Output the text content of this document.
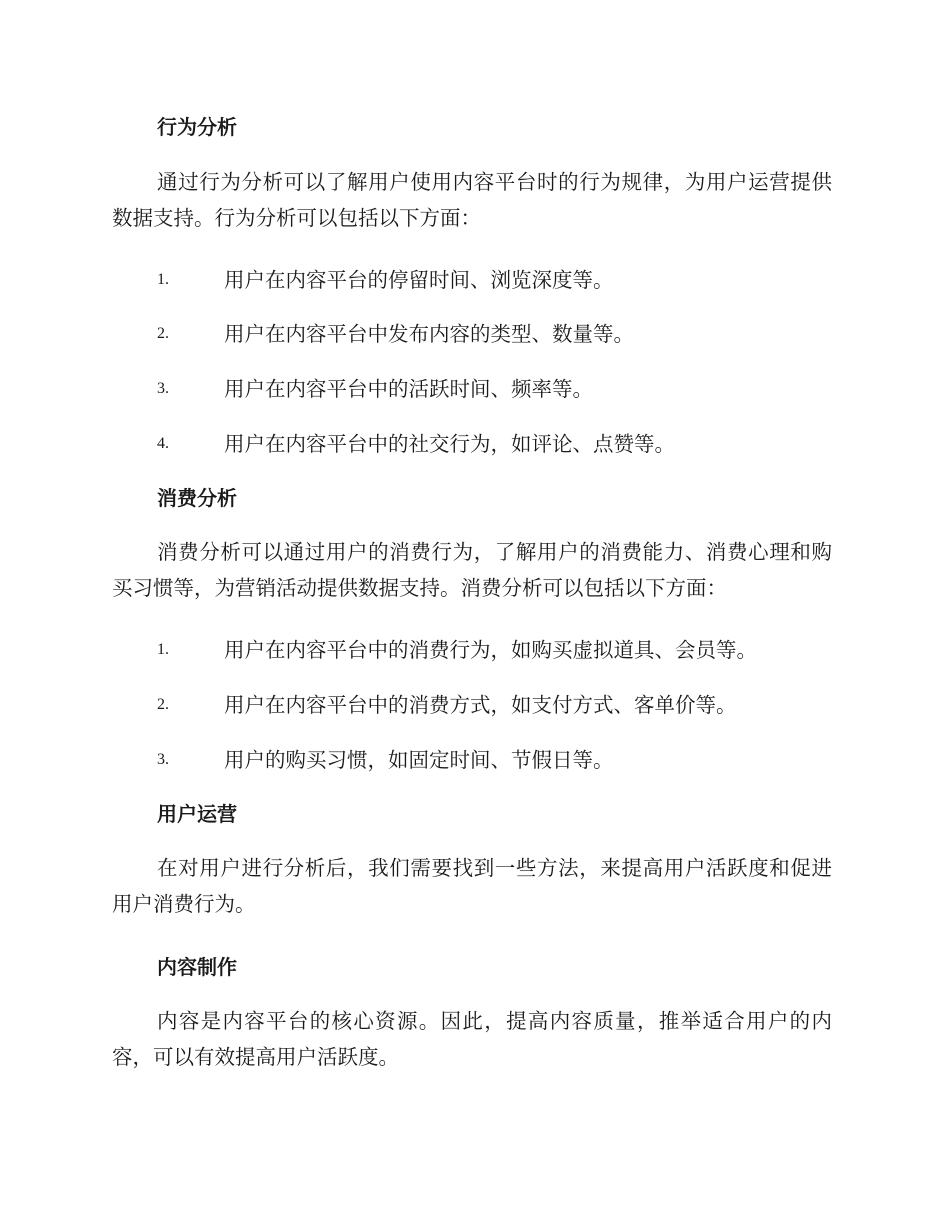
行为分析
通过行为分析可以了解用户使用内容平台时的行为规律，为用户运营提供数据支持。行为分析可以包括以下方面：
1.	用户在内容平台的停留时间、浏览深度等。
2.	用户在内容平台中发布内容的类型、数量等。
3.	用户在内容平台中的活跃时间、频率等。
4.	用户在内容平台中的社交行为，如评论、点赞等。
消费分析
消费分析可以通过用户的消费行为，了解用户的消费能力、消费心理和购买习惯等，为营销活动提供数据支持。消费分析可以包括以下方面：
1.	用户在内容平台中的消费行为，如购买虚拟道具、会员等。
2.	用户在内容平台中的消费方式，如支付方式、客单价等。
3.	用户的购买习惯，如固定时间、节假日等。
用户运营
在对用户进行分析后，我们需要找到一些方法，来提高用户活跃度和促进用户消费行为。
内容制作
内容是内容平台的核心资源。因此，提高内容质量，推举适合用户的内容，可以有效提高用户活跃度。
